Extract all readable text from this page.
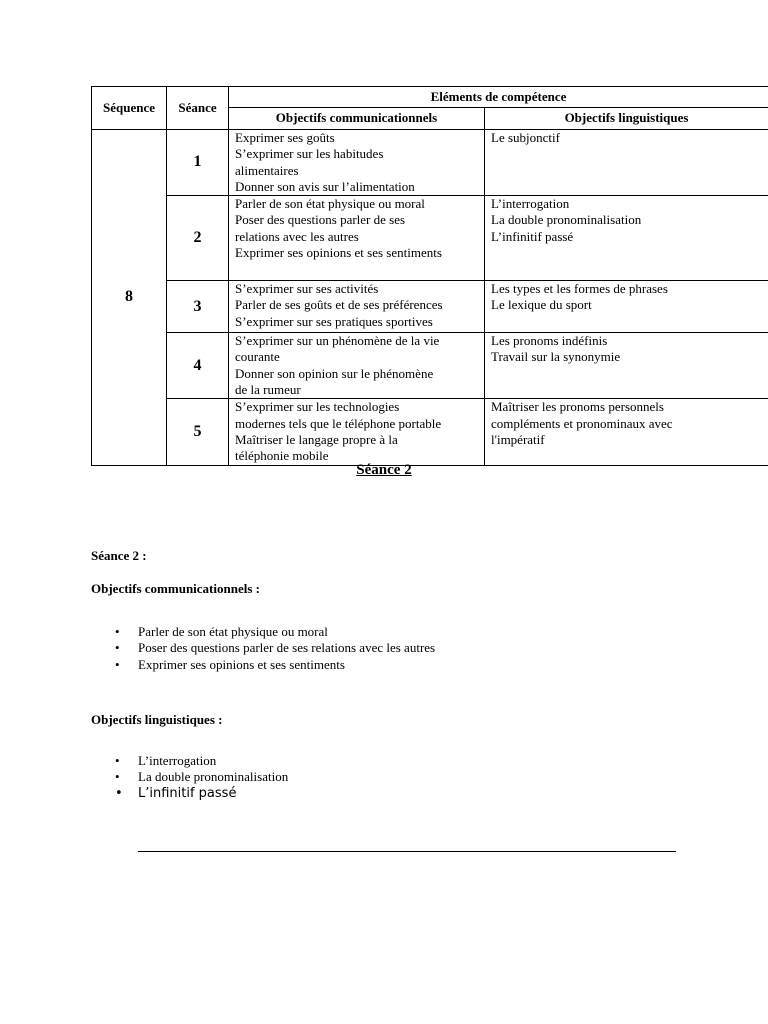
Séquence	Séance	Eléments de compétence	
		Objectifs communicationnels	Objectifs linguistiques
8	1	Exprimer ses goûts
S’exprimer sur les habitudes
alimentaires
Donner son avis sur l’alimentation	Le subjonctif

	2	Parler de son état physique ou moral
Poser des questions parler de ses
relations avec les autres
Exprimer ses opinions et ses sentiments	L’interrogation
La double pronominalisation
L’infinitif passé

	3	S’exprimer sur ses activités
Parler de ses goûts et de ses préférences
S’exprimer sur ses pratiques sportives	Les types et les formes de phrases
Le lexique du sport

	4	S’exprimer sur un phénomène de la vie
courante
Donner son opinion sur le phénomène
de la rumeur	Les pronoms indéfinis
Travail sur la synonymie

	5	S’exprimer sur les technologies
modernes tels que le téléphone portable
Maîtriser le langage propre à la
téléphonie mobile	Maîtriser les pronoms personnels
compléments et pronominaux avec
l'impératif
Séance 2
Séance 2 :
Objectifs communicationnels :
• Parler de son état physique ou moral
• Poser des questions parler de ses relations avec les autres
• Exprimer ses opinions et ses sentiments
Objectifs linguistiques :
• L’interrogation
• La double pronominalisation
• L’infinitif passé
